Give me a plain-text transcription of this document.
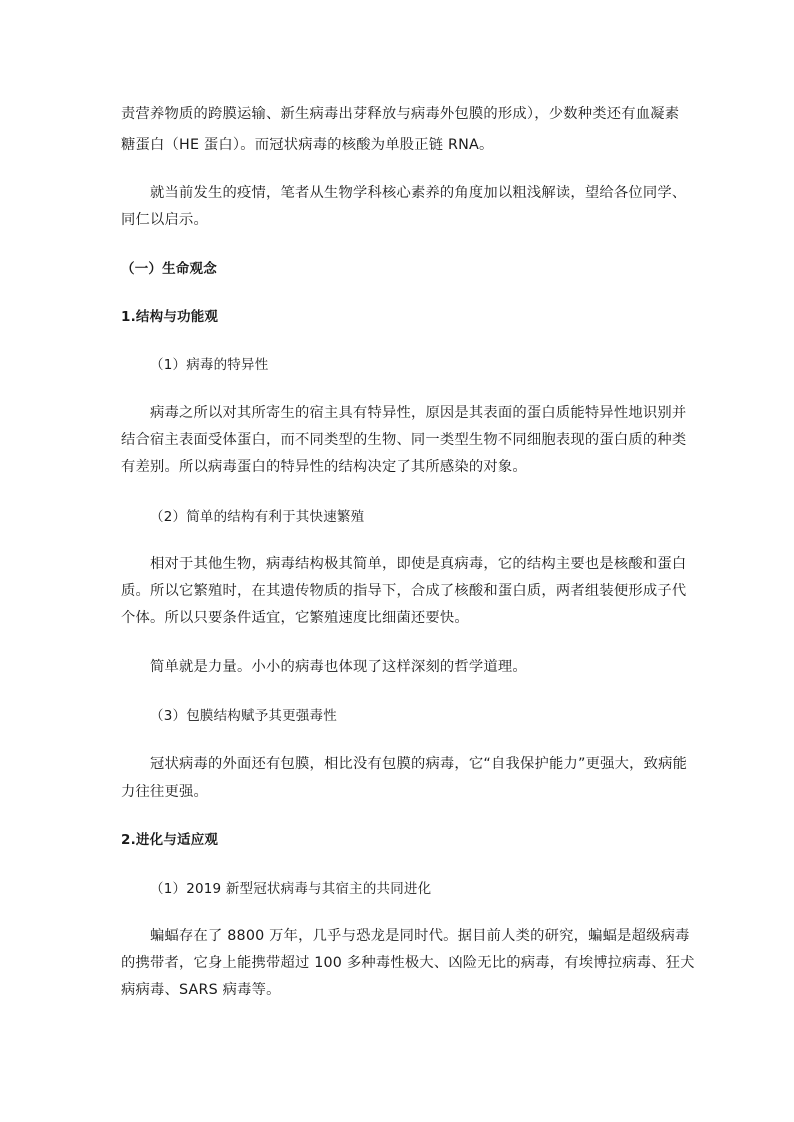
责营养物质的跨膜运输、新生病毒出芽释放与病毒外包膜的形成），少数种类还有血凝素
糖蛋白（HE 蛋白）。而冠状病毒的核酸为单股正链 RNA。
就当前发生的疫情，笔者从生物学科核心素养的角度加以粗浅解读，望给各位同学、
同仁以启示。
（一）生命观念
1.结构与功能观
（1）病毒的特异性
病毒之所以对其所寄生的宿主具有特异性，原因是其表面的蛋白质能特异性地识别并
结合宿主表面受体蛋白，而不同类型的生物、同一类型生物不同细胞表现的蛋白质的种类
有差别。所以病毒蛋白的特异性的结构决定了其所感染的对象。
（2）简单的结构有利于其快速繁殖
相对于其他生物，病毒结构极其简单，即使是真病毒，它的结构主要也是核酸和蛋白
质。所以它繁殖时，在其遗传物质的指导下，合成了核酸和蛋白质，两者组装便形成子代
个体。所以只要条件适宜，它繁殖速度比细菌还要快。
简单就是力量。小小的病毒也体现了这样深刻的哲学道理。
（3）包膜结构赋予其更强毒性
冠状病毒的外面还有包膜，相比没有包膜的病毒，它“自我保护能力”更强大，致病能
力往往更强。
2.进化与适应观
（1）2019 新型冠状病毒与其宿主的共同进化
蝙蝠存在了 8800 万年，几乎与恐龙是同时代。据目前人类的研究，蝙蝠是超级病毒
的携带者，它身上能携带超过 100 多种毒性极大、凶险无比的病毒，有埃博拉病毒、狂犬
病病毒、SARS 病毒等。
